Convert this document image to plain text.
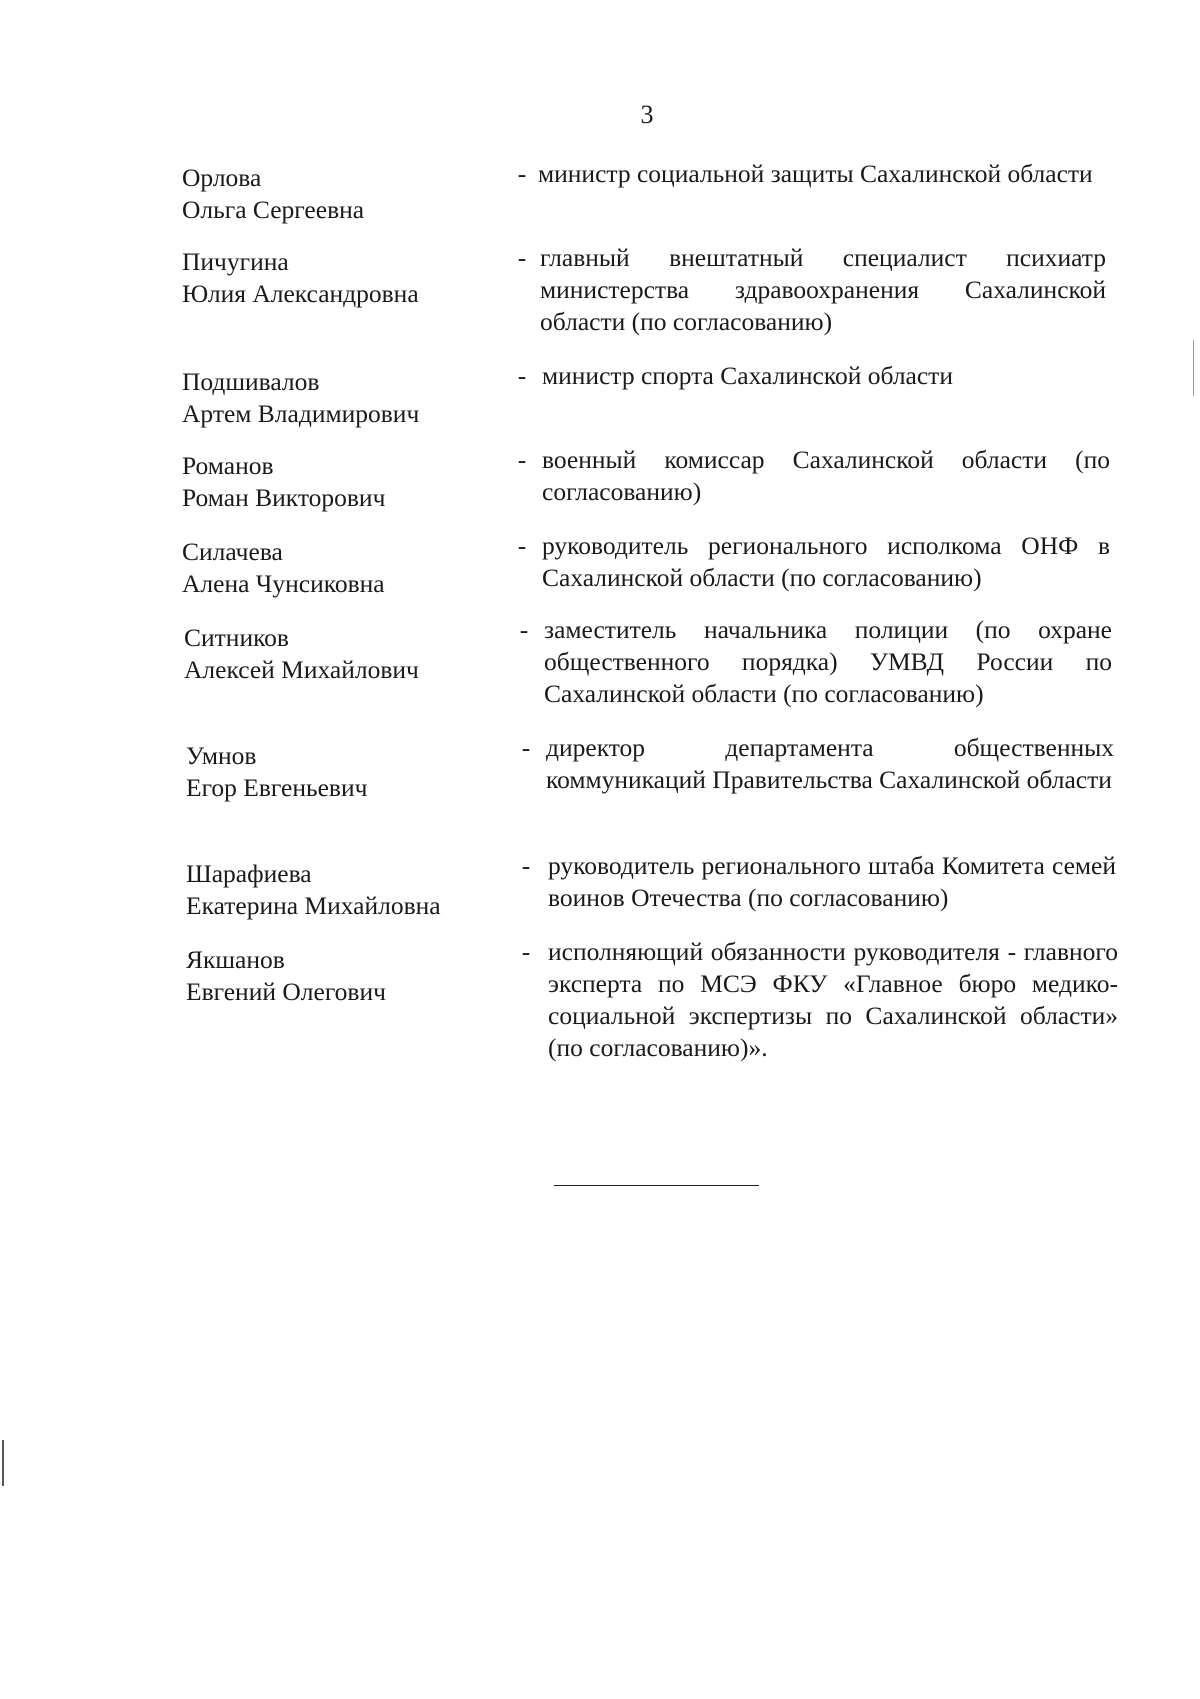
3
Орлова
Ольга Сергеевна
- министр социальной защиты Сахалинской области
Пичугина
Юлия Александровна
- главный внештатный специалист психиатр министерства здравоохранения Сахалинской области (по согласованию)
Подшивалов
Артем Владимирович
- министр спорта Сахалинской области
Романов
Роман Викторович
- военный комиссар Сахалинской области (по согласованию)
Силачева
Алена Чунсиковна
- руководитель регионального исполкома ОНФ в Сахалинской области (по согласованию)
Ситников
Алексей Михайлович
- заместитель начальника полиции (по охране общественного порядка) УМВД России по Сахалинской области (по согласованию)
Умнов
Егор Евгеньевич
- директор департамента общественных коммуникаций Правительства Сахалинской области
Шарафиева
Екатерина Михайловна
- руководитель регионального штаба Комитета семей воинов Отечества (по согласованию)
Якшанов
Евгений Олегович
- исполняющий обязанности руководителя - главного эксперта по МСЭ ФКУ «Главное бюро медико-социальной экспертизы по Сахалинской области» (по согласованию)».
